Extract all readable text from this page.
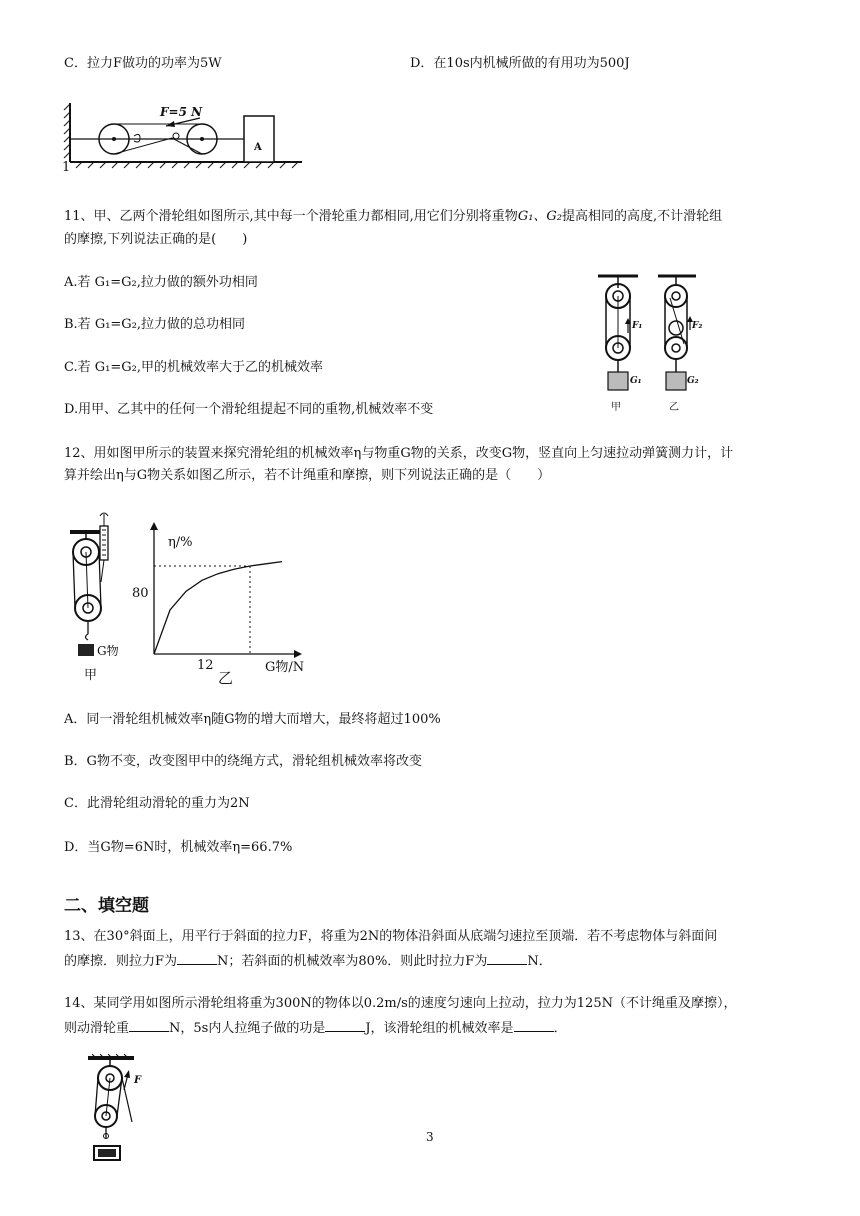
C．拉力F做功的功率为5W	D．在10s内机械所做的有用功为500J
F=5 N
A
1
11、甲、乙两个滑轮组如图所示,其中每一个滑轮重力都相同,用它们分别将重物G₁、G₂提高相同的高度,不计滑轮组
的摩擦,下列说法正确的是(　　)
A.若 G₁=G₂,拉力做的额外功相同
B.若 G₁=G₂,拉力做的总功相同
C.若 G₁=G₂,甲的机械效率大于乙的机械效率
D.用甲、乙其中的任何一个滑轮组提起不同的重物,机械效率不变
F₁	F₂
G₁	G₂
甲	乙
12、用如图甲所示的装置来探究滑轮组的机械效率η与物重G物的关系，改变G物，竖直向上匀速拉动弹簧测力计，计
算并绘出η与G物关系如图乙所示，若不计绳重和摩擦，则下列说法正确的是（　　）
G物
甲
η/%
80
12	G物/N
乙
A．同一滑轮组机械效率η随G物的增大而增大，最终将超过100%
B．G物不变，改变图甲中的绕绳方式，滑轮组机械效率将改变
C．此滑轮组动滑轮的重力为2N
D．当G物=6N时，机械效率η=66.7%
二、填空题
13、在30°斜面上，用平行于斜面的拉力F，将重为2N的物体沿斜面从底端匀速拉至顶端．若不考虑物体与斜面间
的摩擦．则拉力F为	N；若斜面的机械效率为80%．则此时拉力F为	N．
14、某同学用如图所示滑轮组将重为300N的物体以0.2m/s的速度匀速向上拉动，拉力为125N（不计绳重及摩擦），
则动滑轮重	N，5s内人拉绳子做的功是	J，该滑轮组的机械效率是	．
F
3
